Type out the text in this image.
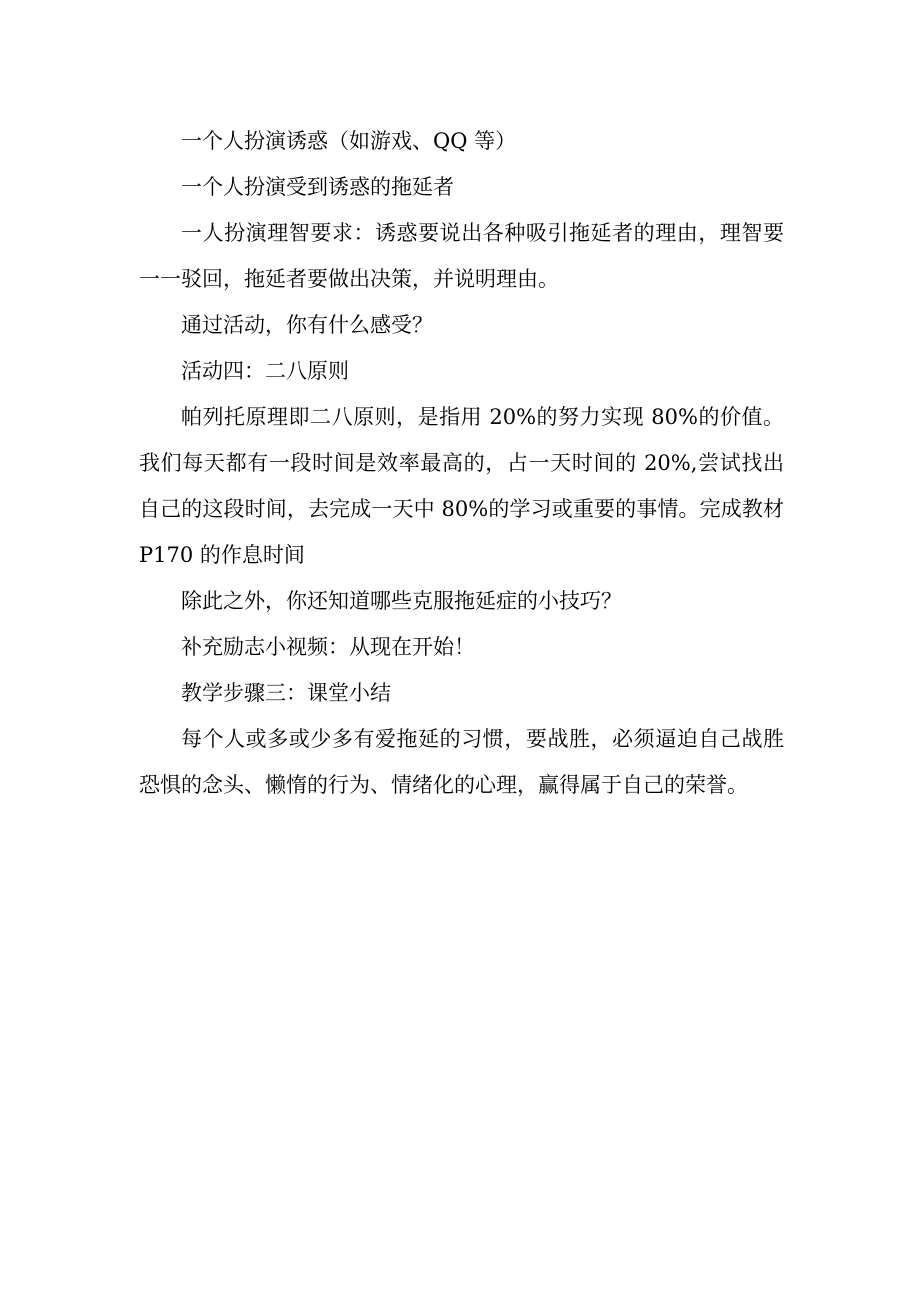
一个人扮演诱惑（如游戏、QQ 等）

一个人扮演受到诱惑的拖延者

一人扮演理智要求：诱惑要说出各种吸引拖延者的理由，理智要一一驳回，拖延者要做出决策，并说明理由。

通过活动，你有什么感受？

活动四：二八原则

帕列托原理即二八原则，是指用 20%的努力实现 80%的价值。我们每天都有一段时间是效率最高的，占一天时间的 20%,尝试找出自己的这段时间，去完成一天中 80%的学习或重要的事情。完成教材 P170 的作息时间

除此之外，你还知道哪些克服拖延症的小技巧？

补充励志小视频：从现在开始！

教学步骤三：课堂小结

每个人或多或少多有爱拖延的习惯，要战胜，必须逼迫自己战胜恐惧的念头、懒惰的行为、情绪化的心理，赢得属于自己的荣誉。
